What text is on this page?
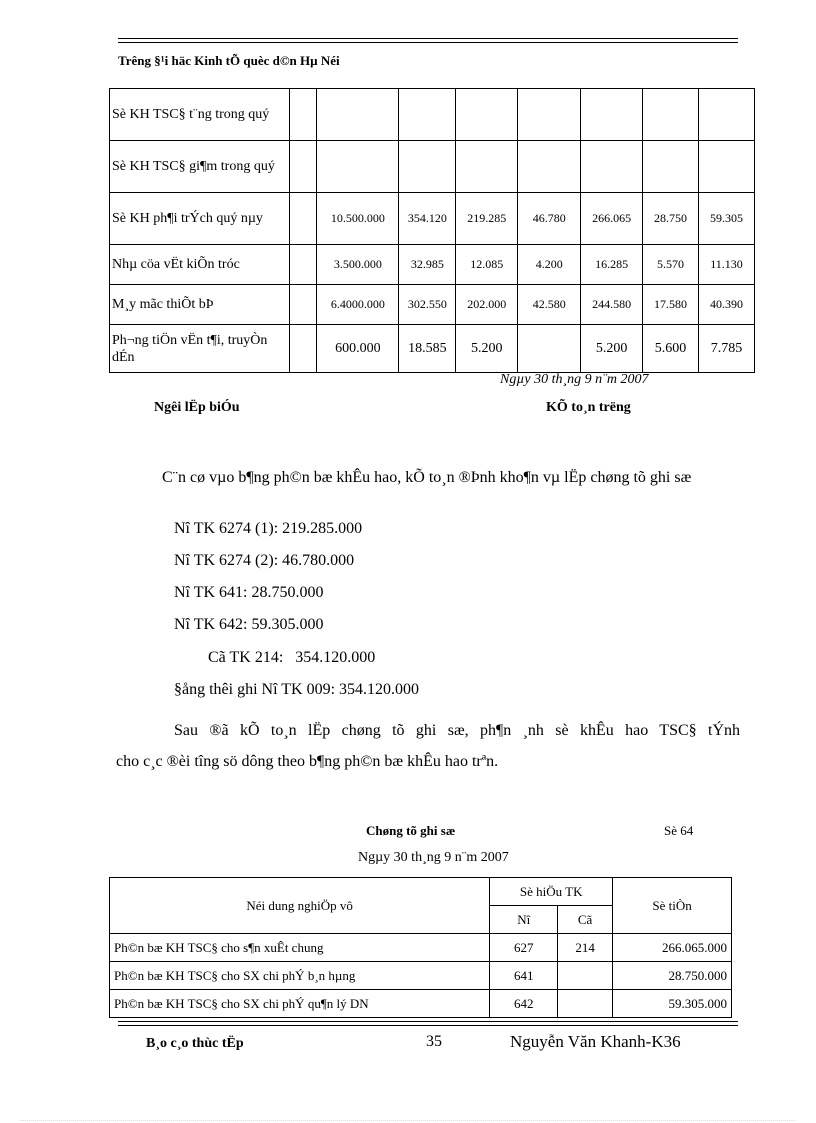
Trêng §¹i häc Kinh tÕ quèc d©n Hµ Néi
Sè KH TSC§ t¨ng trong quý								
Sè KH TSC§ gi¶m trong quý								
Sè KH ph¶i trÝch quý nµy		10.500.000	354.120	219.285	46.780	266.065	28.750	59.305
Nhµ cöa vËt kiÕn tróc		3.500.000	32.985	12.085	4.200	16.285	5.570	11.130
M¸y mãc thiÕt bÞ		6.4000.000	302.550	202.000	42.580	244.580	17.580	40.390
Ph¬ng tiÖn vËn t¶i, truyÒn dÉn		600.000	18.585	5.200		5.200	5.600	7.785
Ngµy 30 th¸ng 9 n¨m 2007
Ngêi lËp biÓu	KÕ to¸n trëng
C¨n cø vµo b¶ng ph©n bæ khÊu hao, kÕ to¸n ®Þnh kho¶n vµ lËp chøng tõ ghi sæ
Nî TK 6274 (1): 219.285.000
Nî TK 6274 (2): 46.780.000
Nî TK 641: 28.750.000
Nî TK 642: 59.305.000
Cã TK 214:   354.120.000
§ång thêi ghi Nî TK 009: 354.120.000
Sau ®ã kÕ to¸n lËp chøng tõ ghi sæ, ph¶n ¸nh sè khÊu hao TSC§ tÝnh
cho c¸c ®èi tîng sö dông theo b¶ng ph©n bæ khÊu hao trªn.
Chøng tõ ghi sæ	Sè 64
Ngµy 30 th¸ng 9 n¨m 2007
Néi dung nghiÖp vô	Sè hiÖu TK		Sè tiÒn
	Nî	Cã	
Ph©n bæ KH TSC§ cho s¶n xuÊt chung	627	214	266.065.000
Ph©n bæ KH TSC§ cho SX chi phÝ b¸n hµng	641		28.750.000
Ph©n bæ KH TSC§ cho SX chi phÝ qu¶n lý DN	642		59.305.000
B¸o c¸o thùc tËp	35	Nguyễn Văn Khanh-K36
